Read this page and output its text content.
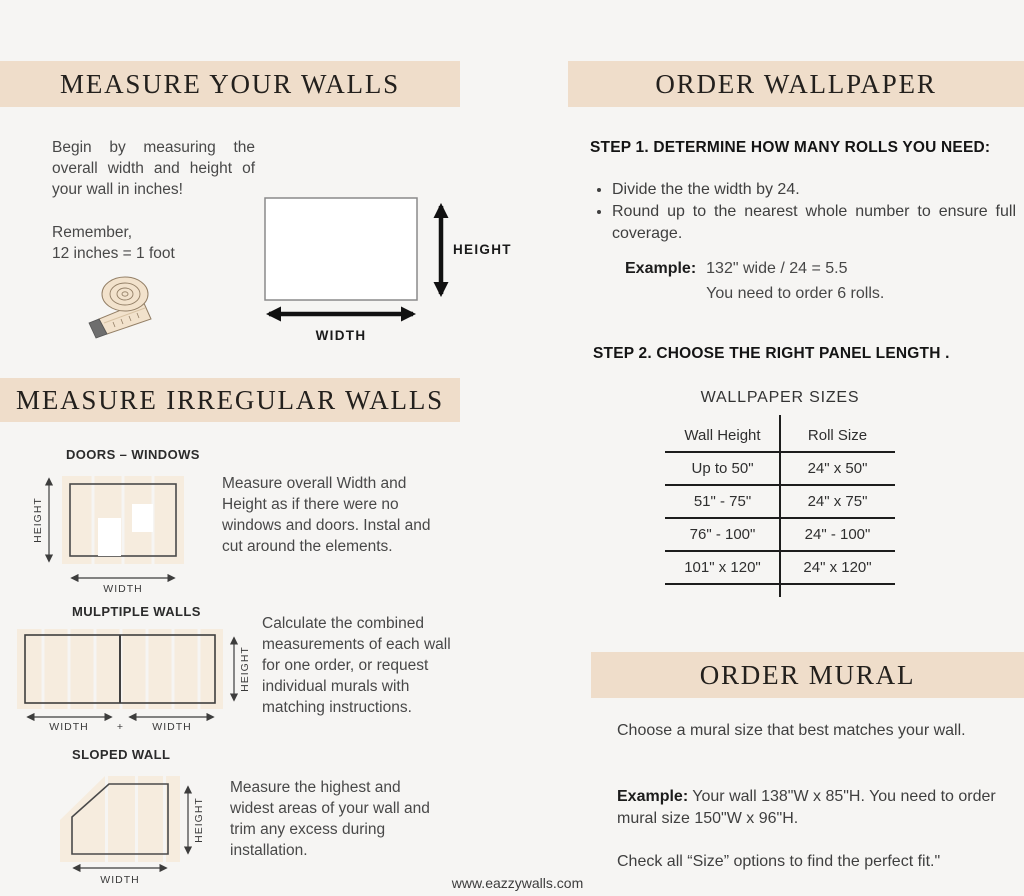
MEASURE YOUR WALLS

Begin by measuring the overall width and height of your wall in inches!

Remember,

12 inches = 1 foot	HEIGHT
WIDTH
MEASURE IRREGULAR WALLS
DOORS – WINDOWS
HEIGHT
WIDTH
Measure overall Width and Height as if there were no windows and doors. Instal and cut around the elements.
MULPTIPLE WALLS
HEIGHT
WIDTH	+	WIDTH
Calculate the combined measurements of each wall for one order, or request individual murals with matching instructions.
SLOPED WALL
HEIGHT
WIDTH
Measure the highest and widest areas of your wall and trim any excess during installation.
ORDER WALLPAPER
STEP 1. DETERMINE HOW MANY ROLLS YOU NEED:
• Divide the the width by 24.
• Round up to the nearest whole number to ensure full coverage.
Example: 132" wide / 24 = 5.5
You need to order 6 rolls.
STEP 2. CHOOSE THE RIGHT PANEL LENGTH .
WALLPAPER SIZES
Wall Height	Roll Size
Up to 50"	24" x 50"
51" - 75"	24" x 75"
76" - 100"	24" - 100"
101" x 120"	24" x 120"
ORDER MURAL
Choose a mural size that best matches your wall.
Example: Your wall 138"W x 85"H. You need to order mural size 150"W x 96"H.
Check all “Size” options to find the perfect fit."
www.eazzywalls.com
